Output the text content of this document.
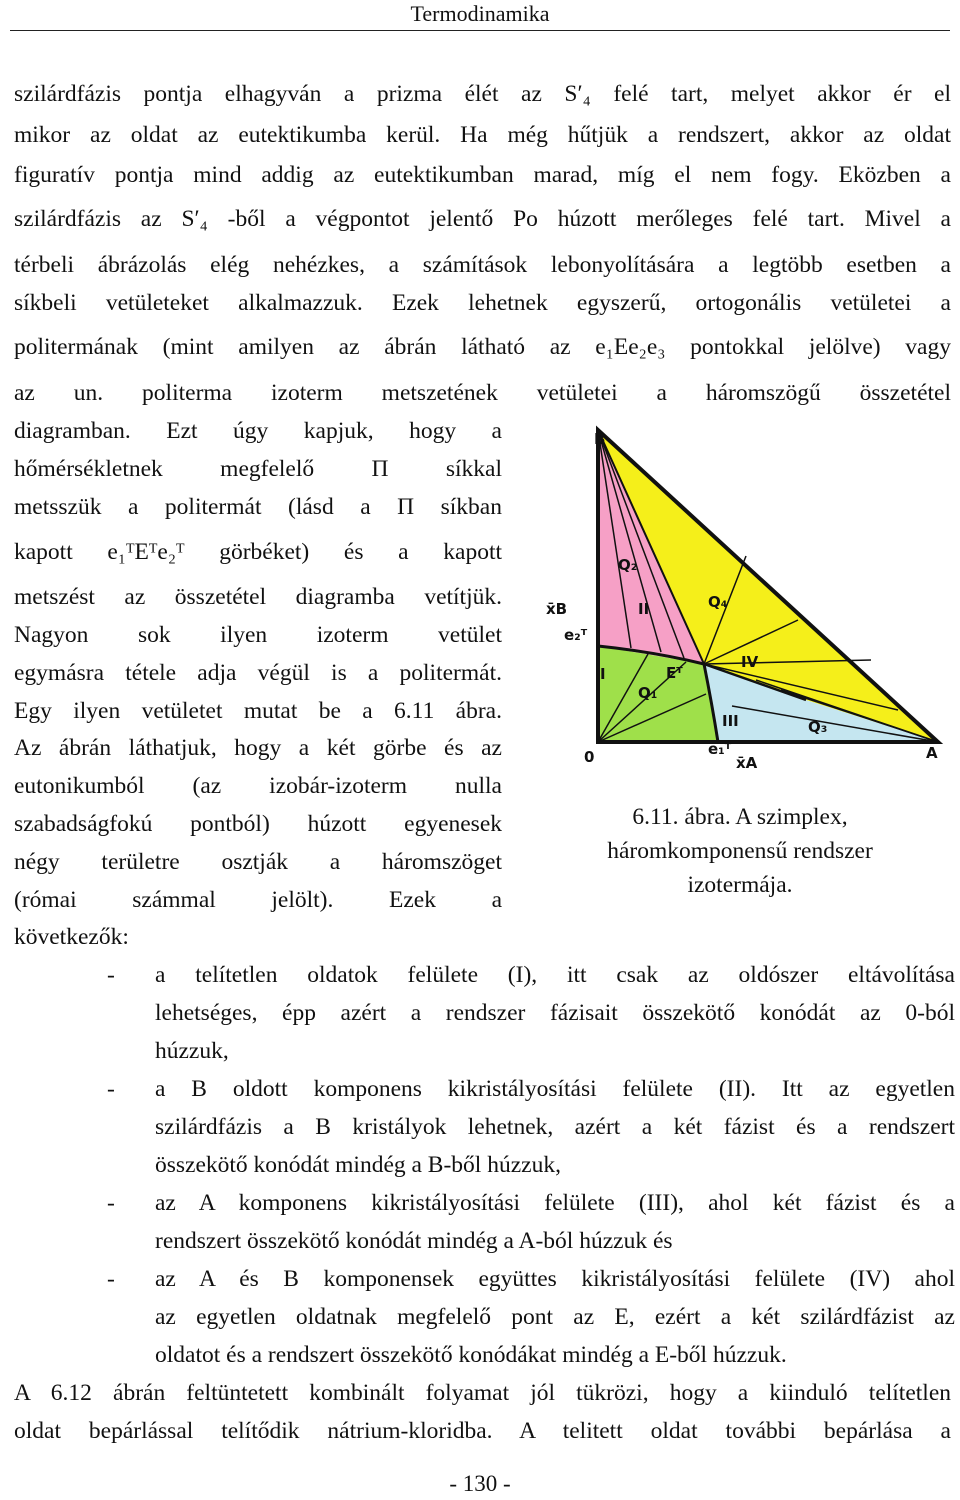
Termodinamika
szilárdfázis pontja elhagyván a prizma élét az S′₄ felé tart, melyet akkor ér el
mikor az oldat az eutektikumba kerül. Ha még hűtjük a rendszert, akkor az oldat
figuratív pontja mind addig az eutektikumban marad, míg el nem fogy. Eközben a
szilárdfázis az S′₄ -ből a végpontot jelentő Po húzott merőleges felé tart. Mivel a
térbeli ábrázolás elég nehézkes, a számítások lebonyolítására a legtöbb esetben a
síkbeli vetületeket alkalmazzuk. Ezek lehetnek egyszerű, ortogonális vetületei a
politermának (mint amilyen az ábrán látható az e₁Ee₂e₃ pontokkal jelölve) vagy
az un. politerma izoterm metszetének vetületei a háromszögű összetétel
diagramban. Ezt úgy kapjuk, hogy a
hőmérsékletnek megfelelő Π síkkal
metsszük a politermát (lásd a Π síkban
kapott e₁ᵀEᵀe₂ᵀ görbéket) és a kapott
metszést az összetétel diagramba vetítjük.
Nagyon sok ilyen izoterm vetület
egymásra tétele adja végül is a politermát.
Egy ilyen vetületet mutat be a 6.11 ábra.
Az ábrán láthatjuk, hogy a két görbe és az
eutonikumból (az izobár-izoterm nulla
szabadságfokú pontból) húzott egyenesek
négy területre osztják a háromszöget
(római számmal jelölt). Ezek a
következők:
B
x̄B
e₂ᵀ
I
II
III
IV
Q₁
Q₂
Q₃
Q₄
Eᵀ
0	e₁ᵀ
x̄A
A
6.11. ábra. A szimplex,
háromkomponensű rendszer
izotermája.
- a telítetlen oldatok felülete (I), itt csak az oldószer eltávolítása
lehetséges, épp azért a rendszer fázisait összekötő konódát az 0-ból
húzzuk,
- a B oldott komponens kikristályosítási felülete (II). Itt az egyetlen
szilárdfázis a B kristályok lehetnek, azért a két fázist és a rendszert
összekötő konódát mindég a B-ből húzzuk,
- az A komponens kikristályosítási felülete (III), ahol két fázist és a
rendszert összekötő konódát mindég a A-ból húzzuk és
- az A és B komponensek együttes kikristályosítási felülete (IV) ahol
az egyetlen oldatnak megfelelő pont az E, ezért a két szilárdfázist az
oldatot és a rendszert összekötő konódákat mindég a E-ből húzzuk.
A 6.12 ábrán feltüntetett kombinált folyamat jól tükrözi, hogy a kiinduló telítetlen
oldat bepárlással telítődik nátrium-kloridba. A telitett oldat további bepárlása a
- 130 -
